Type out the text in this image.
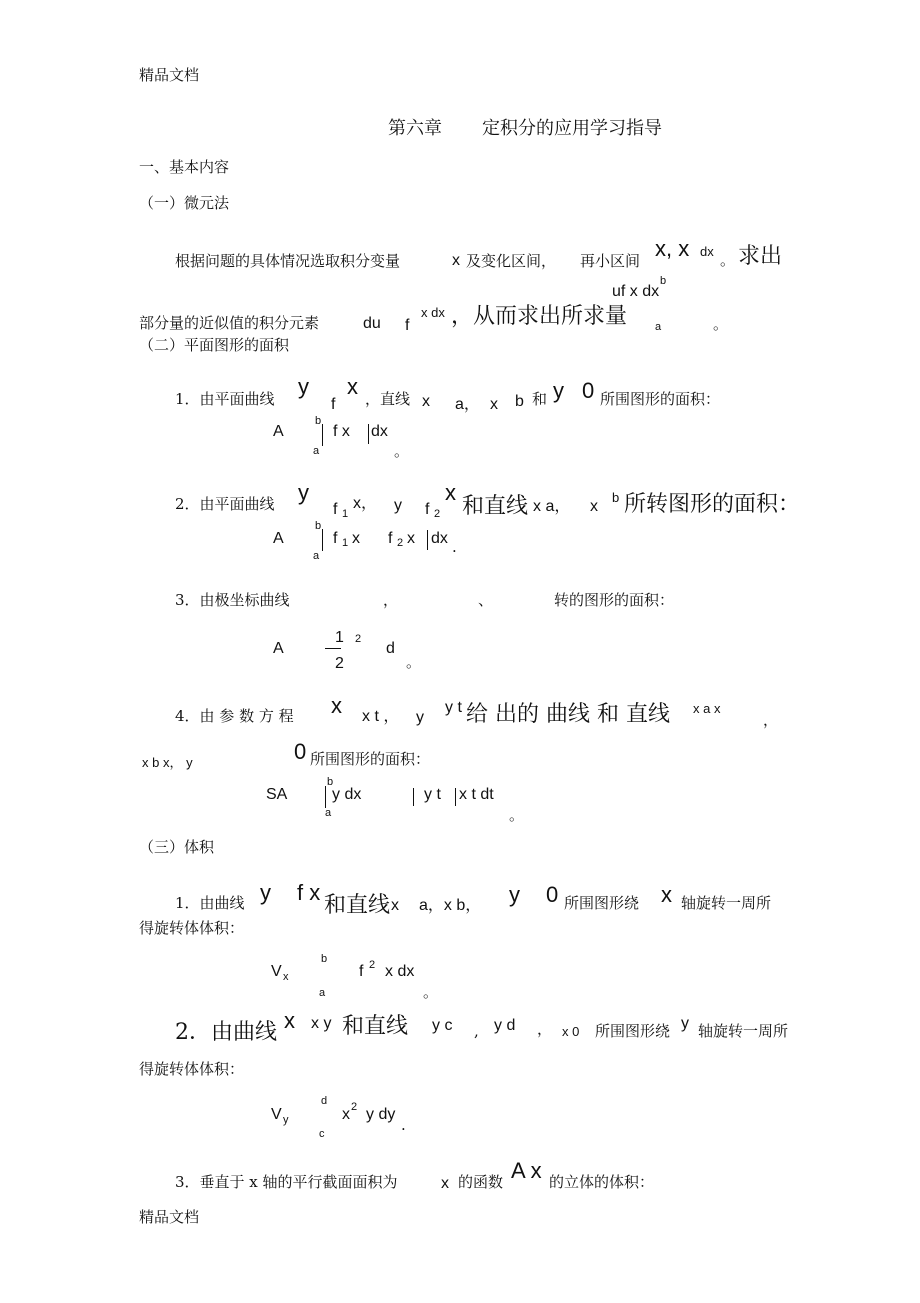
精品文档
精品文档
第六章 定积分的应用学习指导
一、基本内容
（一）微元法
根据问题的具体情况选取积分变量	x 及变化区间， 再小区间 x, x dx 。 求出
b
uf x dx
部分量的近似值的积分元素	du f
x dx ，从而求出所求量	a	。
（二）平面图形的面积
1．由平面曲线 y
f
x ，直线 x a， x b 和 y 0 所围图形的面积：
A
b
a
f x dx
。
2．由平面曲线 y
f 1
x， y f 2
x
和直线 x a， x
b 所转图形的面积：
A
b
a
f 1 x f 2 x dx .
3．由极坐标曲线	，	、	转的图形的面积：
A
1
2
2
d
。
4．由 参 数 方 程 x x t ， y
y t 给 出的 曲线 和 直线 x a x
，
x b x， y	0 所围图形的面积：
SA
b
a
y dx	y t x t dt
。
（三）体积
1．由曲线 y f x
和直线 x a，x b， y 0 所围图形绕 x 轴旋转一周所
得旋转体体积：
V x
b
a
f 2 x dx
。
2．由曲线 x x y 和直线 y c , y d ， x 0 所围图形绕 y 轴旋转一周所
得旋转体体积：
V y
d
c
x 2 y dy
.
3．垂直于 x 轴的平行截面面积为	x 的函数 A x 的立体的体积：
